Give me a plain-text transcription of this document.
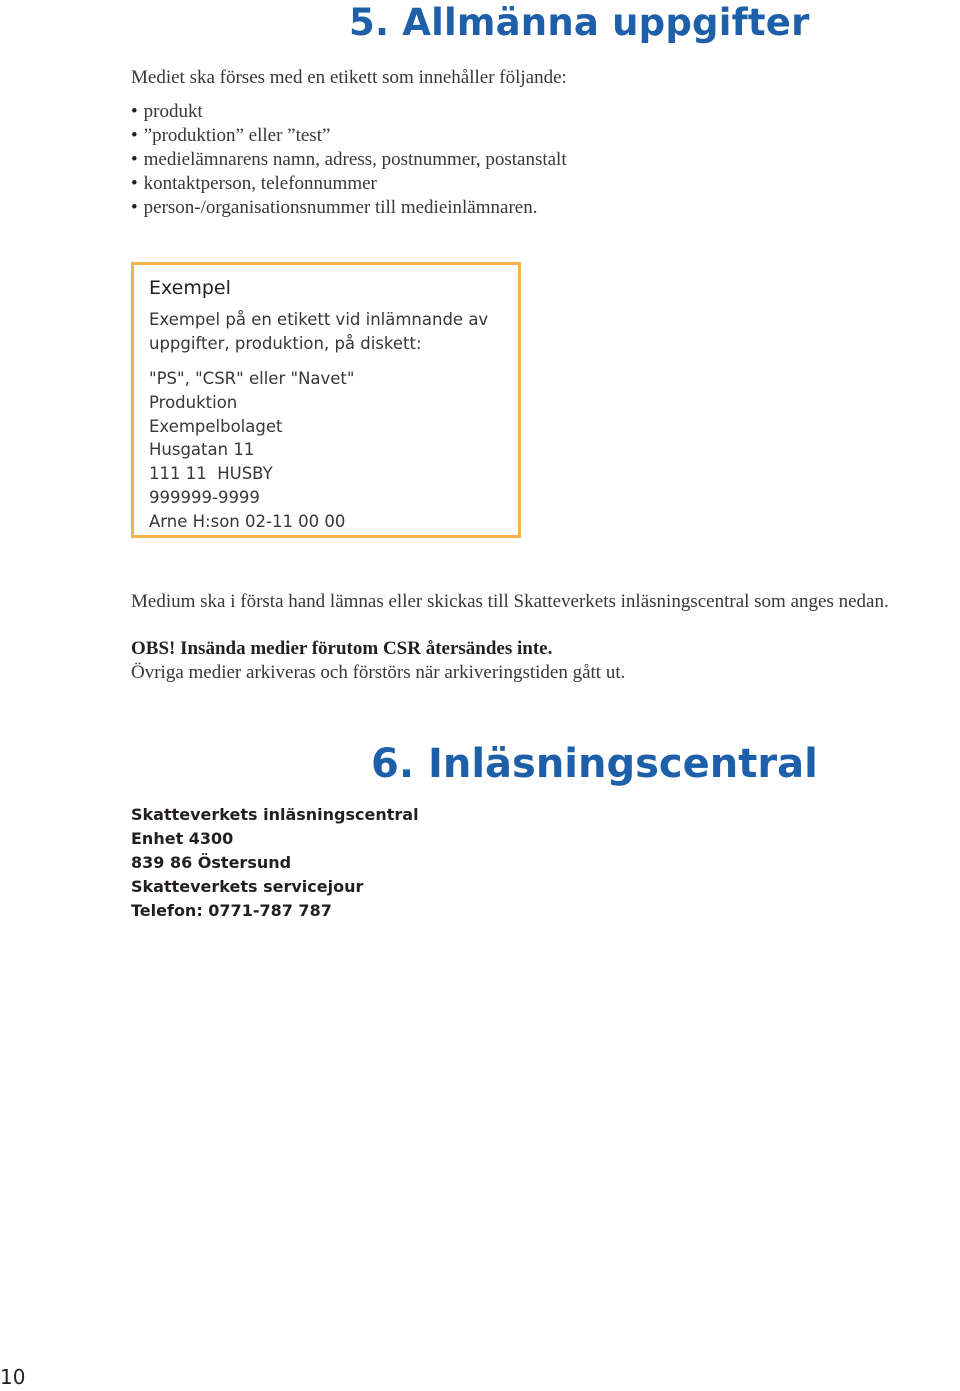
5. Allmänna uppgifter

Mediet ska förses med en etikett som innehåller följande:

• produkt
• ”produktion” eller ”test”
• medielämnarens namn, adress, postnummer, postanstalt
• kontaktperson, telefonnummer
• person-/organisationsnummer till medieinlämnaren.
Exempel

Exempel på en etikett vid inlämnande av uppgifter, produktion, på diskett:

"PS", "CSR" eller "Navet"
Produktion
Exempelbolaget
Husgatan 11
111 11  HUSBY
999999-9999
Arne H:son 02-11 00 00

Medium ska i första hand lämnas eller skickas till Skatteverkets inläsningscentral som anges nedan.

OBS! Insända medier förutom CSR återsändes inte.

Övriga medier arkiveras och förstörs när arkiveringstiden gått ut.

6. Inläsningscentral
Skatteverkets inläsningscentral
Enhet 4300
839 86 Östersund
Skatteverkets servicejour
Telefon: 0771-787 787
10
